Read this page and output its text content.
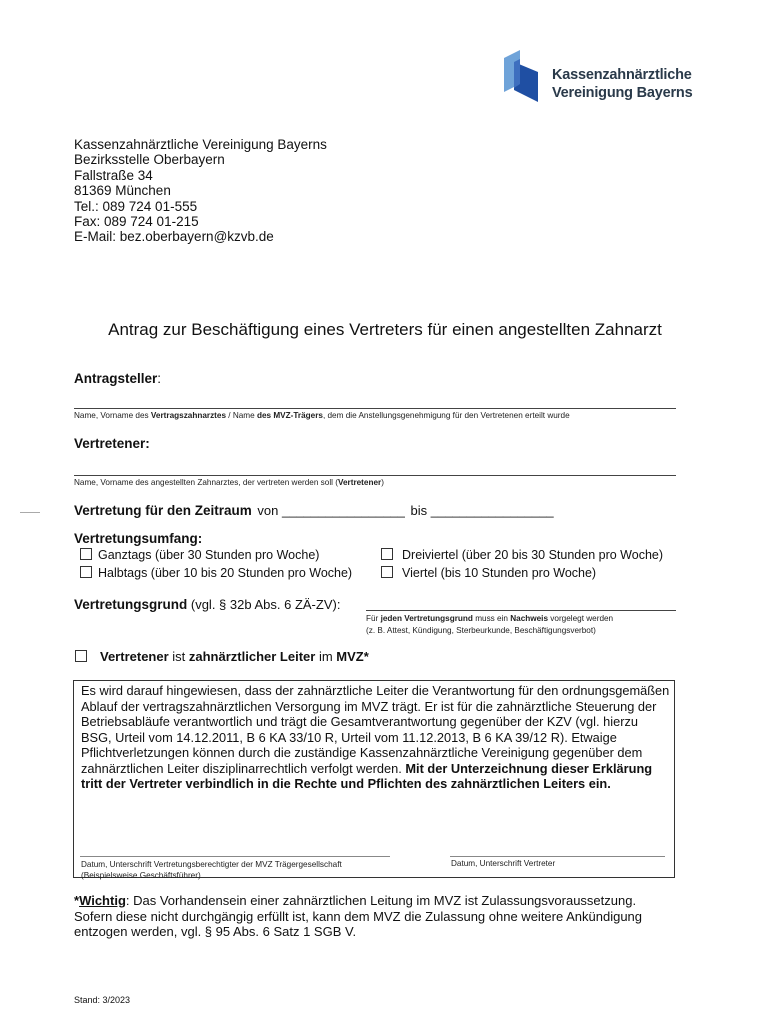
Kassenzahnärztliche
Vereinigung Bayerns
Kassenzahnärztliche Vereinigung Bayerns
Bezirksstelle Oberbayern
Fallstraße 34
81369 München
Tel.: 089 724 01-555
Fax: 089 724 01-215
E-Mail: bez.oberbayern@kzvb.de
Antrag zur Beschäftigung eines Vertreters für einen angestellten Zahnarzt
Antragsteller:
Name, Vorname des Vertragszahnarztes / Name des MVZ-Trägers, dem die Anstellungsgenehmigung für den Vertretenen erteilt wurde
Vertretener:
Name, Vorname des angestellten Zahnarztes, der vertreten werden soll (Vertretener)
Vertretung für den Zeitraum von _________________ bis _________________
Vertretungsumfang:
Ganztags (über 30 Stunden pro Woche)	Dreiviertel (über 20 bis 30 Stunden pro Woche)
Halbtags (über 10 bis 20 Stunden pro Woche)	Viertel (bis 10 Stunden pro Woche)
Vertretungsgrund (vgl. § 32b Abs. 6 ZÄ-ZV):
Für jeden Vertretungsgrund muss ein Nachweis vorgelegt werden
(z. B. Attest, Kündigung, Sterbeurkunde, Beschäftigungsverbot)
Vertretener ist zahnärztlicher Leiter im MVZ*
Es wird darauf hingewiesen, dass der zahnärztliche Leiter die Verantwortung für den ordnungsgemäßen Ablauf der vertragszahnärztlichen Versorgung im MVZ trägt. Er ist für die zahnärztliche Steuerung der Betriebsabläufe verantwortlich und trägt die Gesamtverantwortung gegenüber der KZV (vgl. hierzu BSG, Urteil vom 14.12.2011, B 6 KA 33/10 R, Urteil vom 11.12.2013, B 6 KA 39/12 R). Etwaige Pflichtverletzungen können durch die zuständige Kassenzahnärztliche Vereinigung gegenüber dem zahnärztlichen Leiter disziplinarrechtlich verfolgt werden. Mit der Unterzeichnung dieser Erklärung tritt der Vertreter verbindlich in die Rechte und Pflichten des zahnärztlichen Leiters ein.
Datum, Unterschrift Vertretungsberechtigter der MVZ Trägergesellschaft
(Beispielsweise Geschäftsführer)
Datum, Unterschrift Vertreter
*Wichtig: Das Vorhandensein einer zahnärztlichen Leitung im MVZ ist Zulassungsvoraussetzung. Sofern diese nicht durchgängig erfüllt ist, kann dem MVZ die Zulassung ohne weitere Ankündigung entzogen werden, vgl. § 95 Abs. 6 Satz 1 SGB V.
Stand: 3/2023
